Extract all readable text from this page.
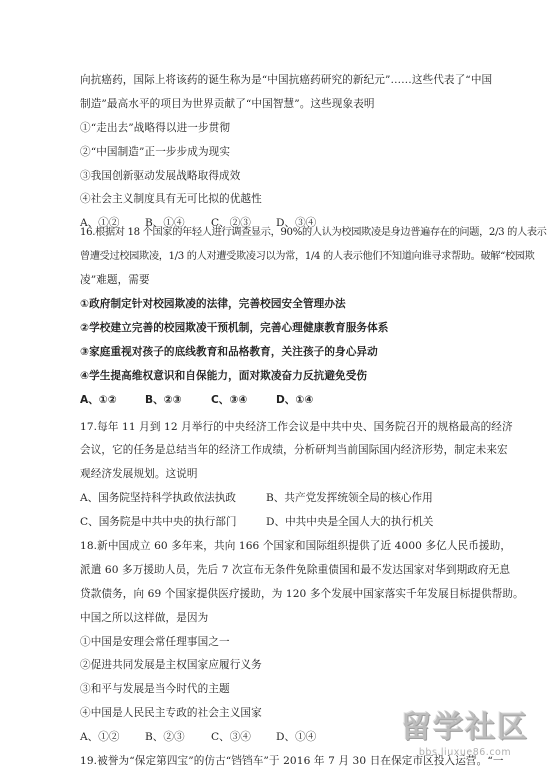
向抗癌药，国际上将该药的诞生称为是“中国抗癌药研究的新纪元”……这些代表了“中国
制造”最高水平的项目为世界贡献了“中国智慧”。这些现象表明
①“走出去”战略得以进一步贯彻
②“中国制造”正一步步成为现实
③我国创新驱动发展战略取得成效
④社会主义制度具有无可比拟的优越性
A、①② B、①④ C、②③ D、③④
16.根据对 18 个国家的年轻人进行调查显示，90%的人认为校园欺凌是身边普遍存在的问题，2/3 的人表示
曾遭受过校园欺凌，1/3 的人对遭受欺凌习以为常，1/4 的人表示他们不知道向谁寻求帮助。破解“校园欺
凌”难题，需要
①政府制定针对校园欺凌的法律，完善校园安全管理办法
②学校建立完善的校园欺凌干预机制，完善心理健康教育服务体系
③家庭重视对孩子的底线教育和品格教育，关注孩子的身心异动
④学生提高维权意识和自保能力，面对欺凌奋力反抗避免受伤
A、①②	B、②③	C、③④	D、①④
17.每年 11 月到 12 月举行的中央经济工作会议是中共中央、国务院召开的规格最高的经济
会议，它的任务是总结当年的经济工作成绩，分析研判当前国际国内经济形势，制定未来宏
观经济发展规划。这说明
A、国务院坚持科学执政依法执政	B、共产党发挥统领全局的核心作用
C、国务院是中共中央的执行部门	D、中共中央是全国人大的执行机关
18.新中国成立 60 多年来，共向 166 个国家和国际组织提供了近 4000 多亿人民币援助，
派遣 60 多万援助人员，先后 7 次宣布无条件免除重债国和最不发达国家对华到期政府无息
贷款债务，向 69 个国家提供医疗援助，为 120 多个发展中国家落实千年发展目标提供帮助。
中国之所以这样做，是因为
①中国是安理会常任理事国之一
②促进共同发展是主权国家应履行义务
③和平与发展是当今时代的主题
④中国是人民民主专政的社会主义国家
A、①② B、②③ C、③④ D、①④
19.被誉为“保定第四宝”的仿古“铛铛车”于 2016 年 7 月 30 日在保定市区投入运营。“一
留学社区
bbs.liuxue86.com
